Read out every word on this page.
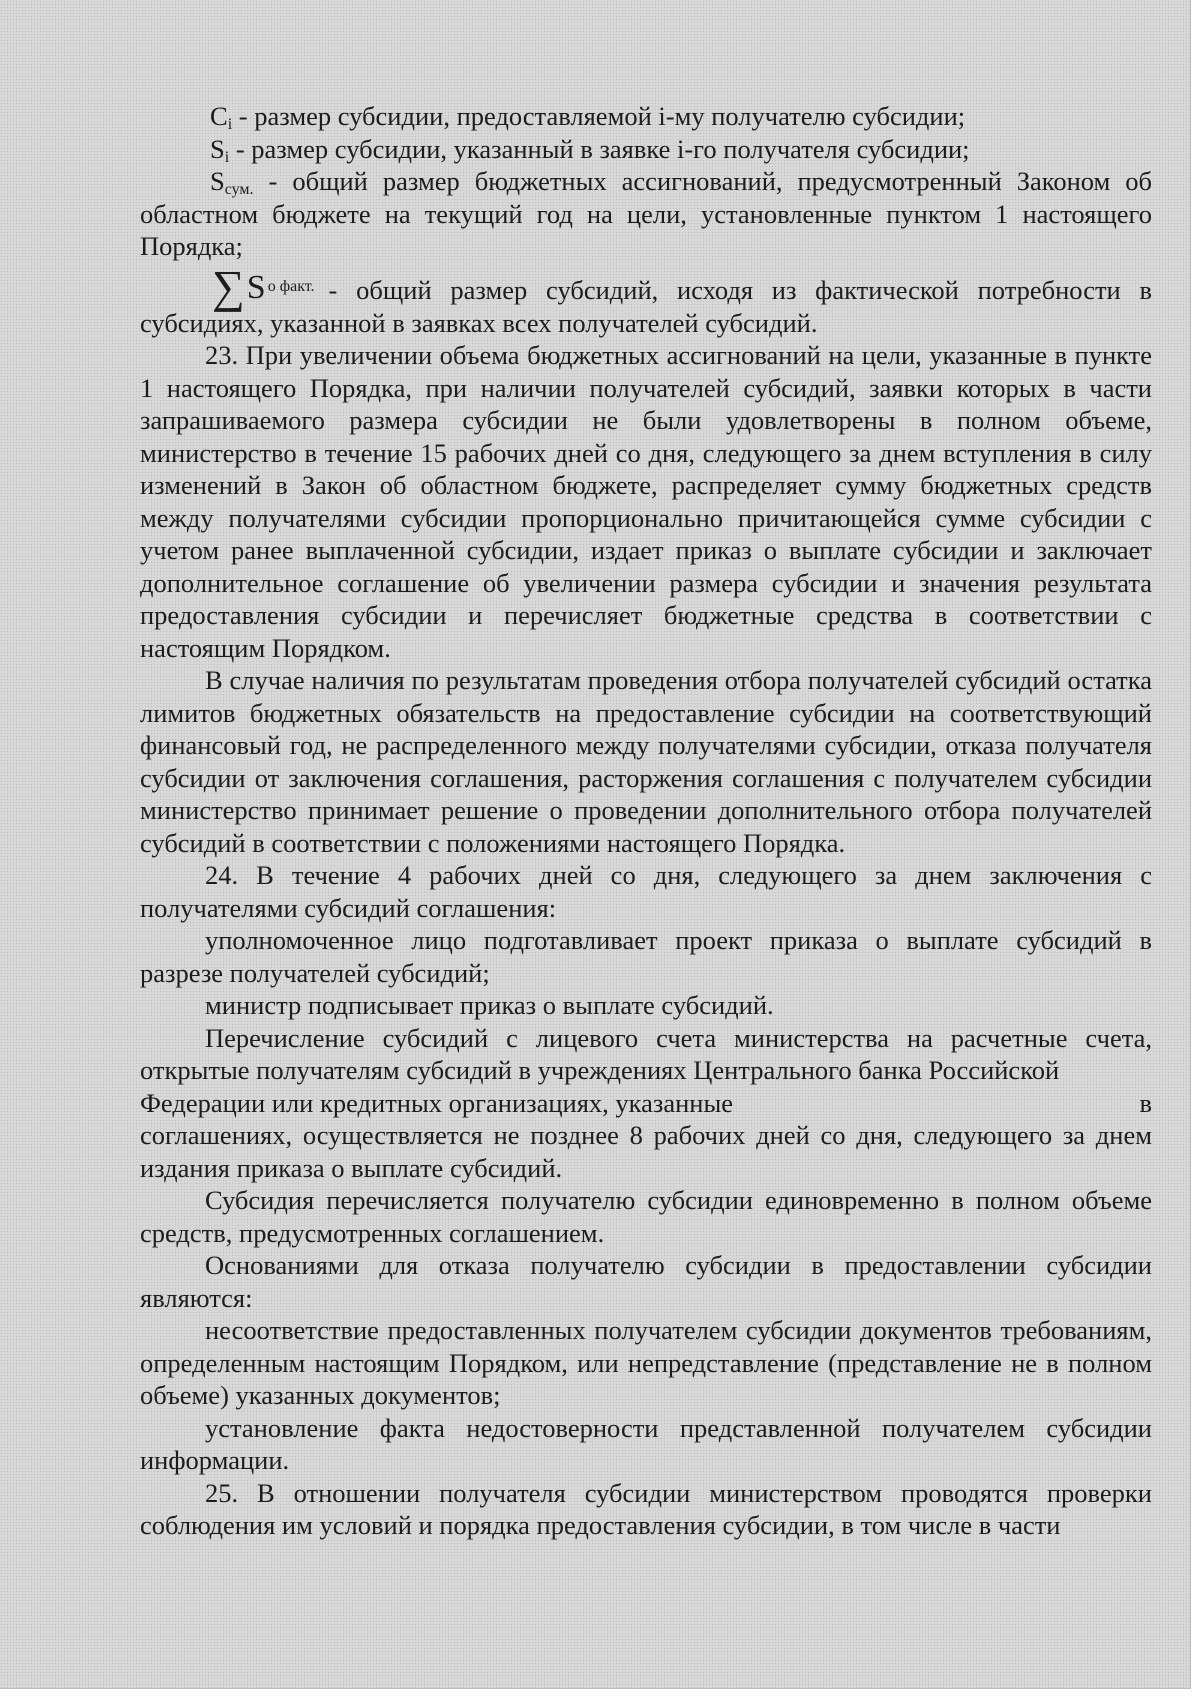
$C_i$ - размер субсидии, предоставляемой i-му получателю субсидии;

$S_i$ - размер субсидии, указанный в заявке i-го получателя субсидии;

$S_{сум.}$ - общий размер бюджетных ассигнований, предусмотренный Законом об областном бюджете на текущий год на цели, установленные пунктом 1 настоящего Порядка;

∑ S о факт. - общий размер субсидий, исходя из фактической потребности в

субсидиях, указанной в заявках всех получателей субсидий.

23. При увеличении объема бюджетных ассигнований на цели, указанные в пункте 1 настоящего Порядка, при наличии получателей субсидий, заявки которых в части запрашиваемого размера субсидии не были удовлетворены в полном объеме, министерство в течение 15 рабочих дней со дня, следующего за днем вступления в силу изменений в Закон об областном бюджете, распределяет сумму бюджетных средств между получателями субсидии пропорционально причитающейся сумме субсидии с учетом ранее выплаченной субсидии, издает приказ о выплате субсидии и заключает дополнительное соглашение об увеличении размера субсидии и значения результата предоставления субсидии и перечисляет бюджетные средства в соответствии с настоящим Порядком.

В случае наличия по результатам проведения отбора получателей субсидий остатка лимитов бюджетных обязательств на предоставление субсидии на соответствующий финансовый год, не распределенного между получателями субсидии, отказа получателя субсидии от заключения соглашения, расторжения соглашения с получателем субсидии министерство принимает решение о проведении дополнительного отбора получателей субсидий в соответствии с положениями настоящего Порядка.

24. В течение 4 рабочих дней со дня, следующего за днем заключения с получателями субсидий соглашения:

уполномоченное лицо подготавливает проект приказа о выплате субсидий в разрезе получателей субсидий;

министр подписывает приказ о выплате субсидий.

Перечисление субсидий с лицевого счета министерства на расчетные счета, открытые получателям субсидий в учреждениях Центрального банка Российской

Федерации или кредитных организациях, указанные	в

соглашениях, осуществляется не позднее 8 рабочих дней со дня, следующего за днем издания приказа о выплате субсидий.

Субсидия перечисляется получателю субсидии единовременно в полном объеме средств, предусмотренных соглашением.

Основаниями для отказа получателю субсидии в предоставлении субсидии являются:

несоответствие предоставленных получателем субсидии документов требованиям, определенным настоящим Порядком, или непредставление (представление не в полном объеме) указанных документов;

установление факта недостоверности представленной получателем субсидии информации.

25. В отношении получателя субсидии министерством проводятся проверки соблюдения им условий и порядка предоставления субсидии, в том числе в части
